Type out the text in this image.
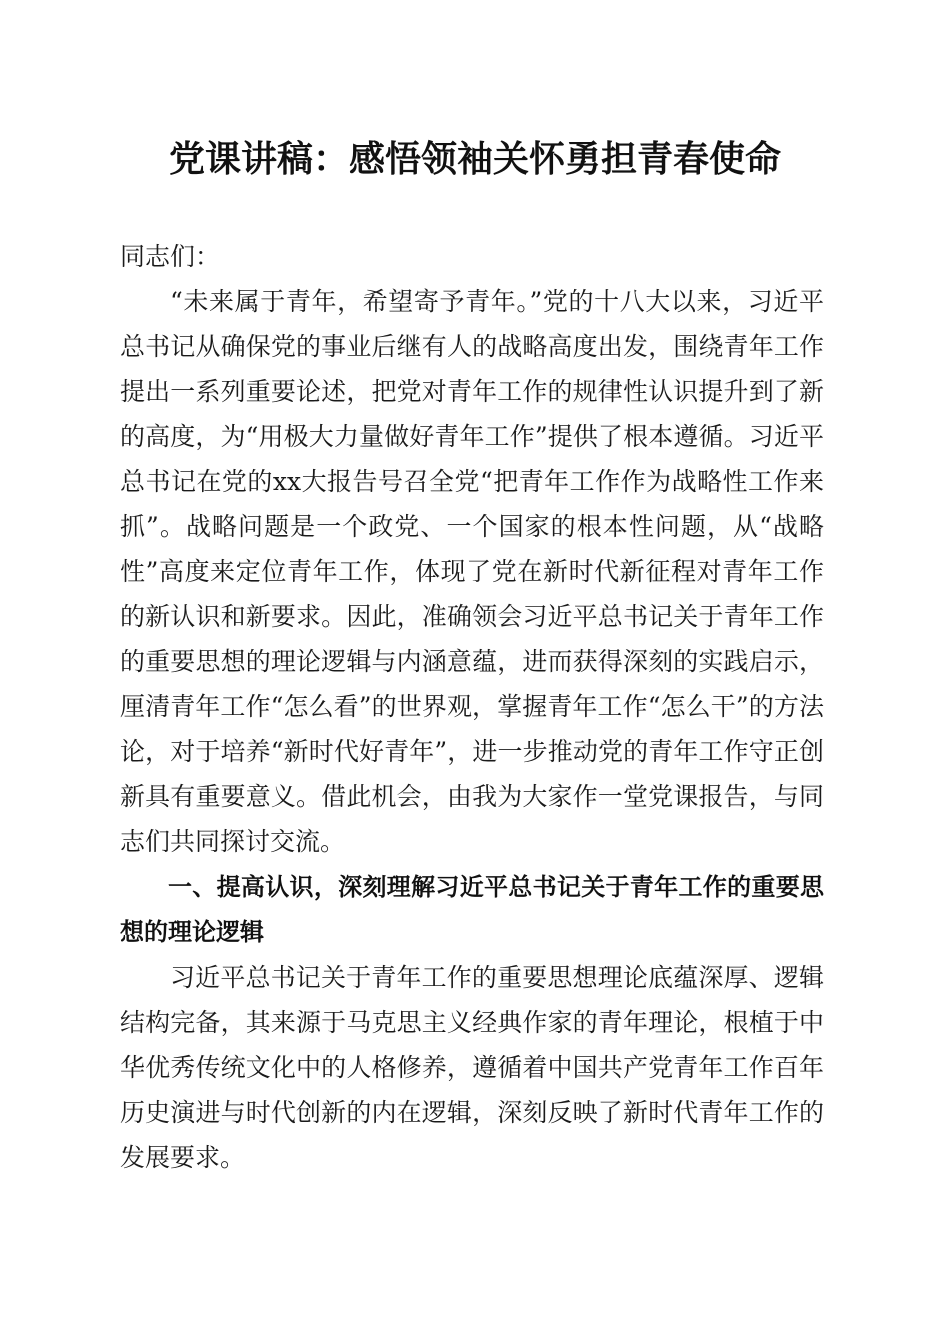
党课讲稿：感悟领袖关怀勇担青春使命

同志们：

“未来属于青年，希望寄予青年。”党的十八大以来，习近平总书记从确保党的事业后继有人的战略高度出发，围绕青年工作提出一系列重要论述，把党对青年工作的规律性认识提升到了新的高度，为“用极大力量做好青年工作”提供了根本遵循。习近平总书记在党的xx大报告号召全党“把青年工作作为战略性工作来抓”。战略问题是一个政党、一个国家的根本性问题，从“战略性”高度来定位青年工作，体现了党在新时代新征程对青年工作的新认识和新要求。因此，准确领会习近平总书记关于青年工作的重要思想的理论逻辑与内涵意蕴，进而获得深刻的实践启示，厘清青年工作“怎么看”的世界观，掌握青年工作“怎么干”的方法论，对于培养“新时代好青年”，进一步推动党的青年工作守正创新具有重要意义。借此机会，由我为大家作一堂党课报告，与同志们共同探讨交流。

一、提高认识，深刻理解习近平总书记关于青年工作的重要思想的理论逻辑

习近平总书记关于青年工作的重要思想理论底蕴深厚、逻辑结构完备，其来源于马克思主义经典作家的青年理论，根植于中华优秀传统文化中的人格修养，遵循着中国共产党青年工作百年历史演进与时代创新的内在逻辑，深刻反映了新时代青年工作的发展要求。
